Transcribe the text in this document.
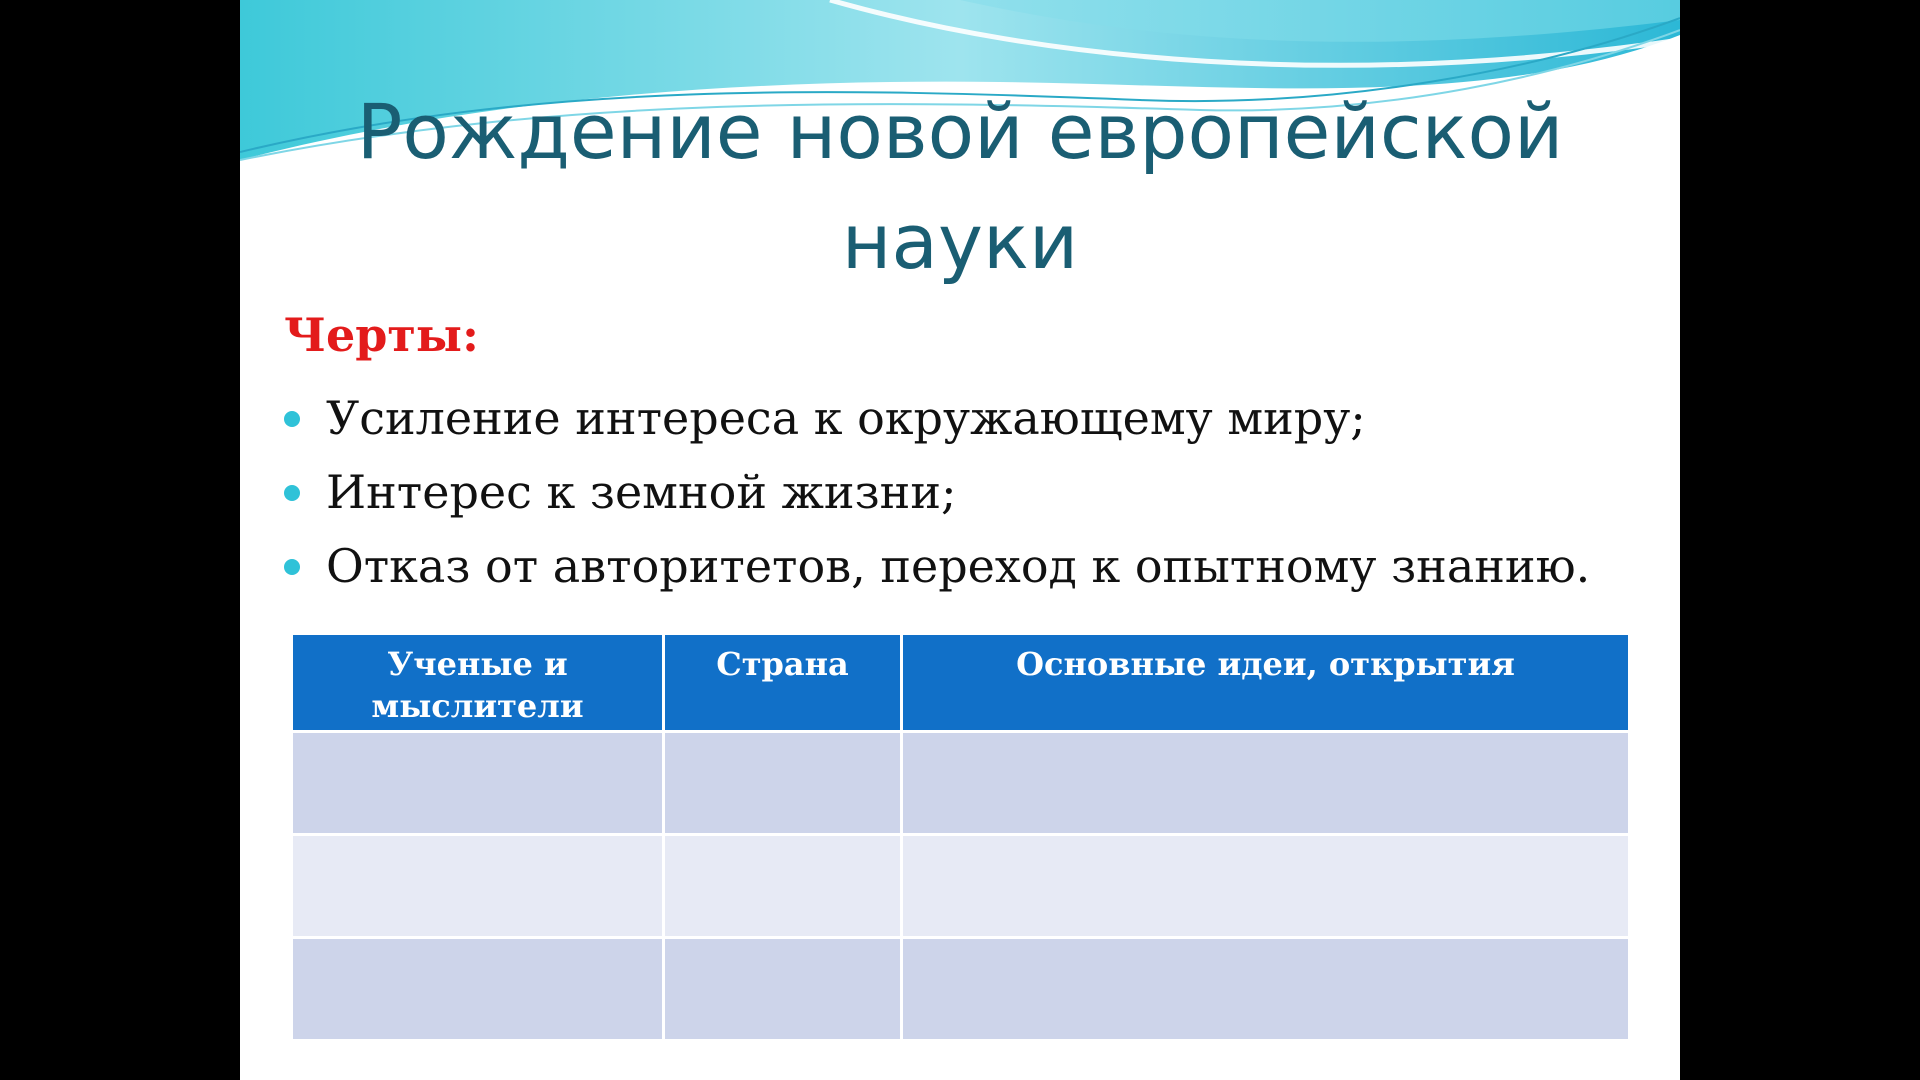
Рождение новой европейской
науки

Черты:

Усиление интереса к окружающему миру;
Интерес к земной жизни;
Отказ от авторитетов, переход к опытному знанию.
Ученые и мыслители	Страна	Основные идеи, открытия
